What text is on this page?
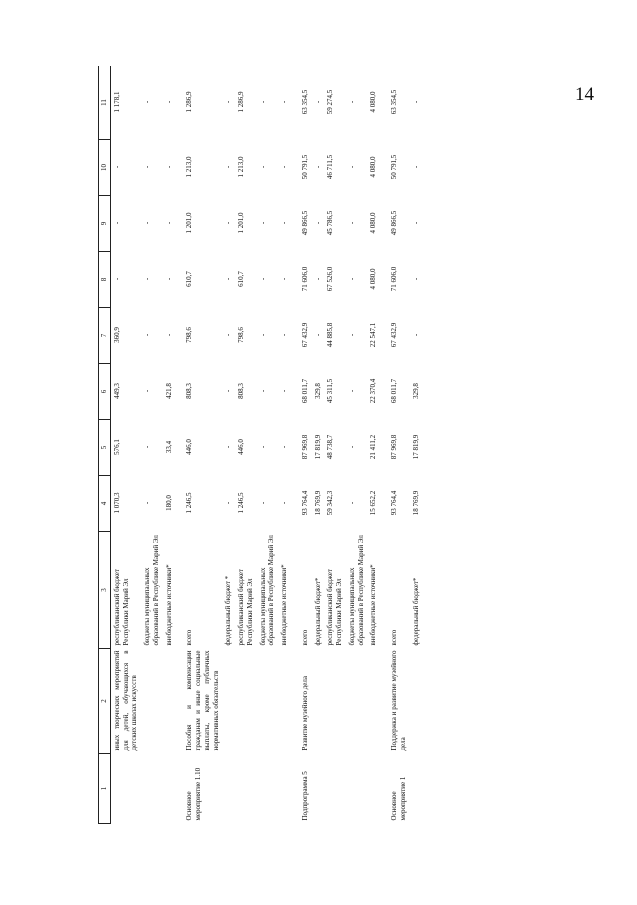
14
1	2	3	4	5	6	7	8	9	10	11
	иных творческих мероприятий для детей, обучающихся в детских школах искусств	республиканский бюджет Республики Марий Эл	1 070,3	576,1	449,3	360,9	-	-	-	1 178,1
		бюджеты муниципальных образований в Республике Марий Эл	-	-	-	-	-	-	-	-
		внебюджетные источники*	180,0	33,4	421,8	-	-	-	-	-
Основное мероприятие 1.10	Пособия и компенсации гражданам и иные социальные выплаты, кроме публичных нормативных обязательств	всего	1 246,5	446,0	808,3	798,6	610,7	1 201,0	1 213,0	1 286,9
		федеральный бюджет *	-	-	-	-	-	-	-	-
		республиканский бюджет Республики Марий Эл	1 246,5	446,0	808,3	798,6	610,7	1 201,0	1 213,0	1 286,9
		бюджеты муниципальных образований в Республике Марий Эл	-	-	-	-	-	-	-	-
		внебюджетные источники*	-	-	-	-	-	-	-	-
Подпрограмма 5	Развитие музейного дела	всего	93 764,4	87 969,8	68 011,7	67 432,9	71 606,0	49 866,5	50 791,5	63 354,5
		федеральный бюджет*	18 769,9	17 819,9	329,8	-	-	-	-	-
		республиканский бюджет Республики Марий Эл	59 342,3	48 738,7	45 311,5	44 885,8	67 526,0	45 786,5	46 711,5	59 274,5
		бюджеты муниципальных образований в Республике Марий Эл	-	-	-	-	-	-	-	-
		внебюджетные источники*	15 652,2	21 411,2	22 370,4	22 547,1	4 080,0	4 080,0	4 080,0	4 080,0
Основное мероприятие 1	Поддержка и развитие музейного дела	всего	93 764,4	87 969,8	68 011,7	67 432,9	71 606,0	49 866,5	50 791,5	63 354,5
		федеральный бюджет*	18 769,9	17 819,9	329,8	-	-	-	-	-
